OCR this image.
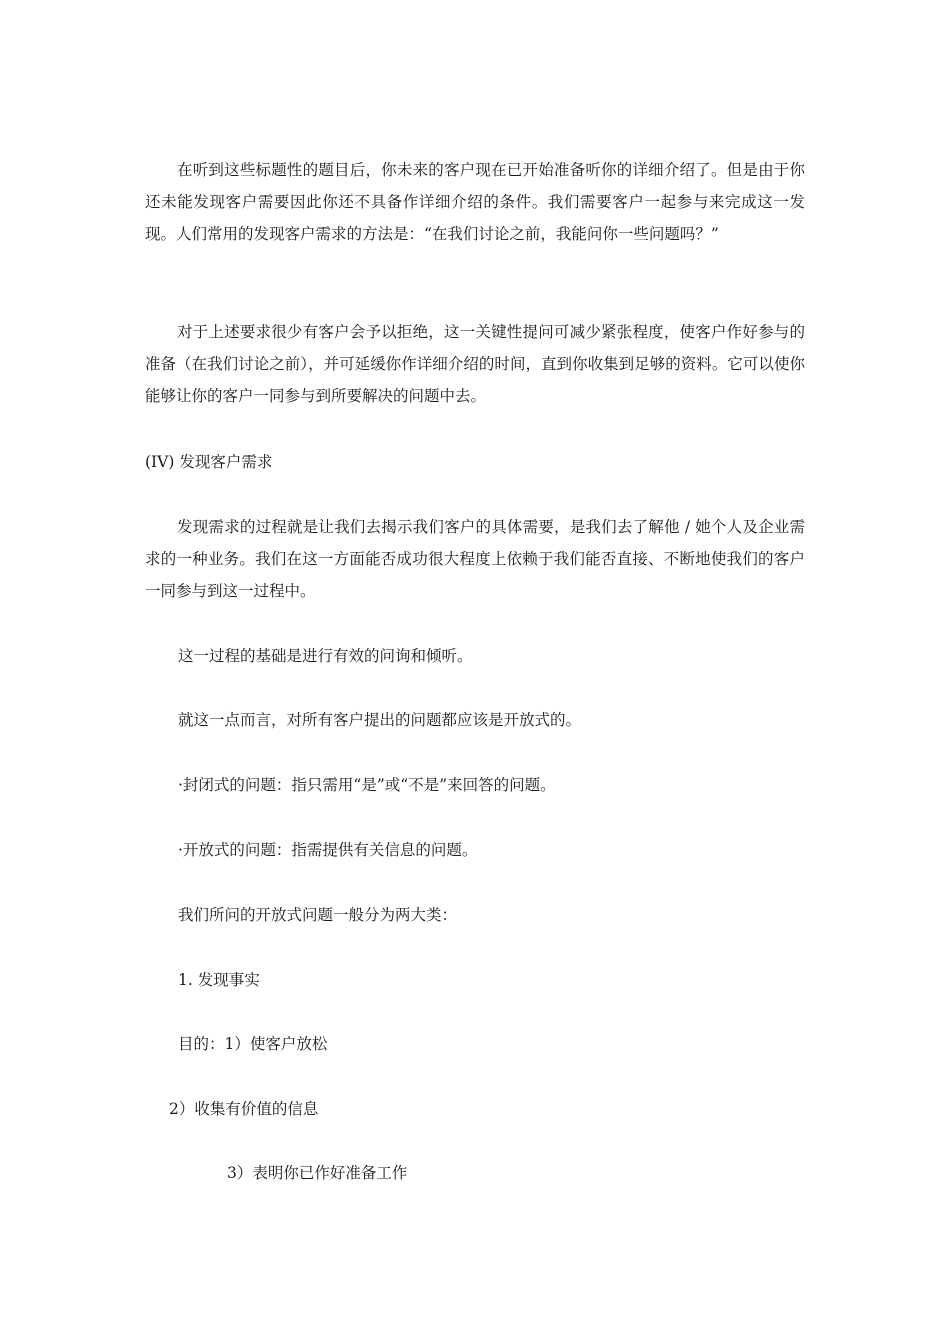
在听到这些标题性的题目后，你未来的客户现在已开始准备听你的详细介绍了。但是由于你还未能发现客户需要因此你还不具备作详细介绍的条件。我们需要客户一起参与来完成这一发现。人们常用的发现客户需求的方法是：“在我们讨论之前，我能问你一些问题吗？”

对于上述要求很少有客户会予以拒绝，这一关键性提问可减少紧张程度，使客户作好参与的准备（在我们讨论之前），并可延缓你作详细介绍的时间，直到你收集到足够的资料。它可以使你能够让你的客户一同参与到所要解决的问题中去。

(IV) 发现客户需求

发现需求的过程就是让我们去揭示我们客户的具体需要，是我们去了解他 / 她个人及企业需求的一种业务。我们在这一方面能否成功很大程度上依赖于我们能否直接、不断地使我们的客户一同参与到这一过程中。

这一过程的基础是进行有效的问询和倾听。

就这一点而言，对所有客户提出的问题都应该是开放式的。

·封闭式的问题：指只需用“是”或“不是”来回答的问题。

·开放式的问题：指需提供有关信息的问题。

我们所问的开放式问题一般分为两大类：

1. 发现事实

目的：1）使客户放松

2）收集有价值的信息

3）表明你已作好准备工作
